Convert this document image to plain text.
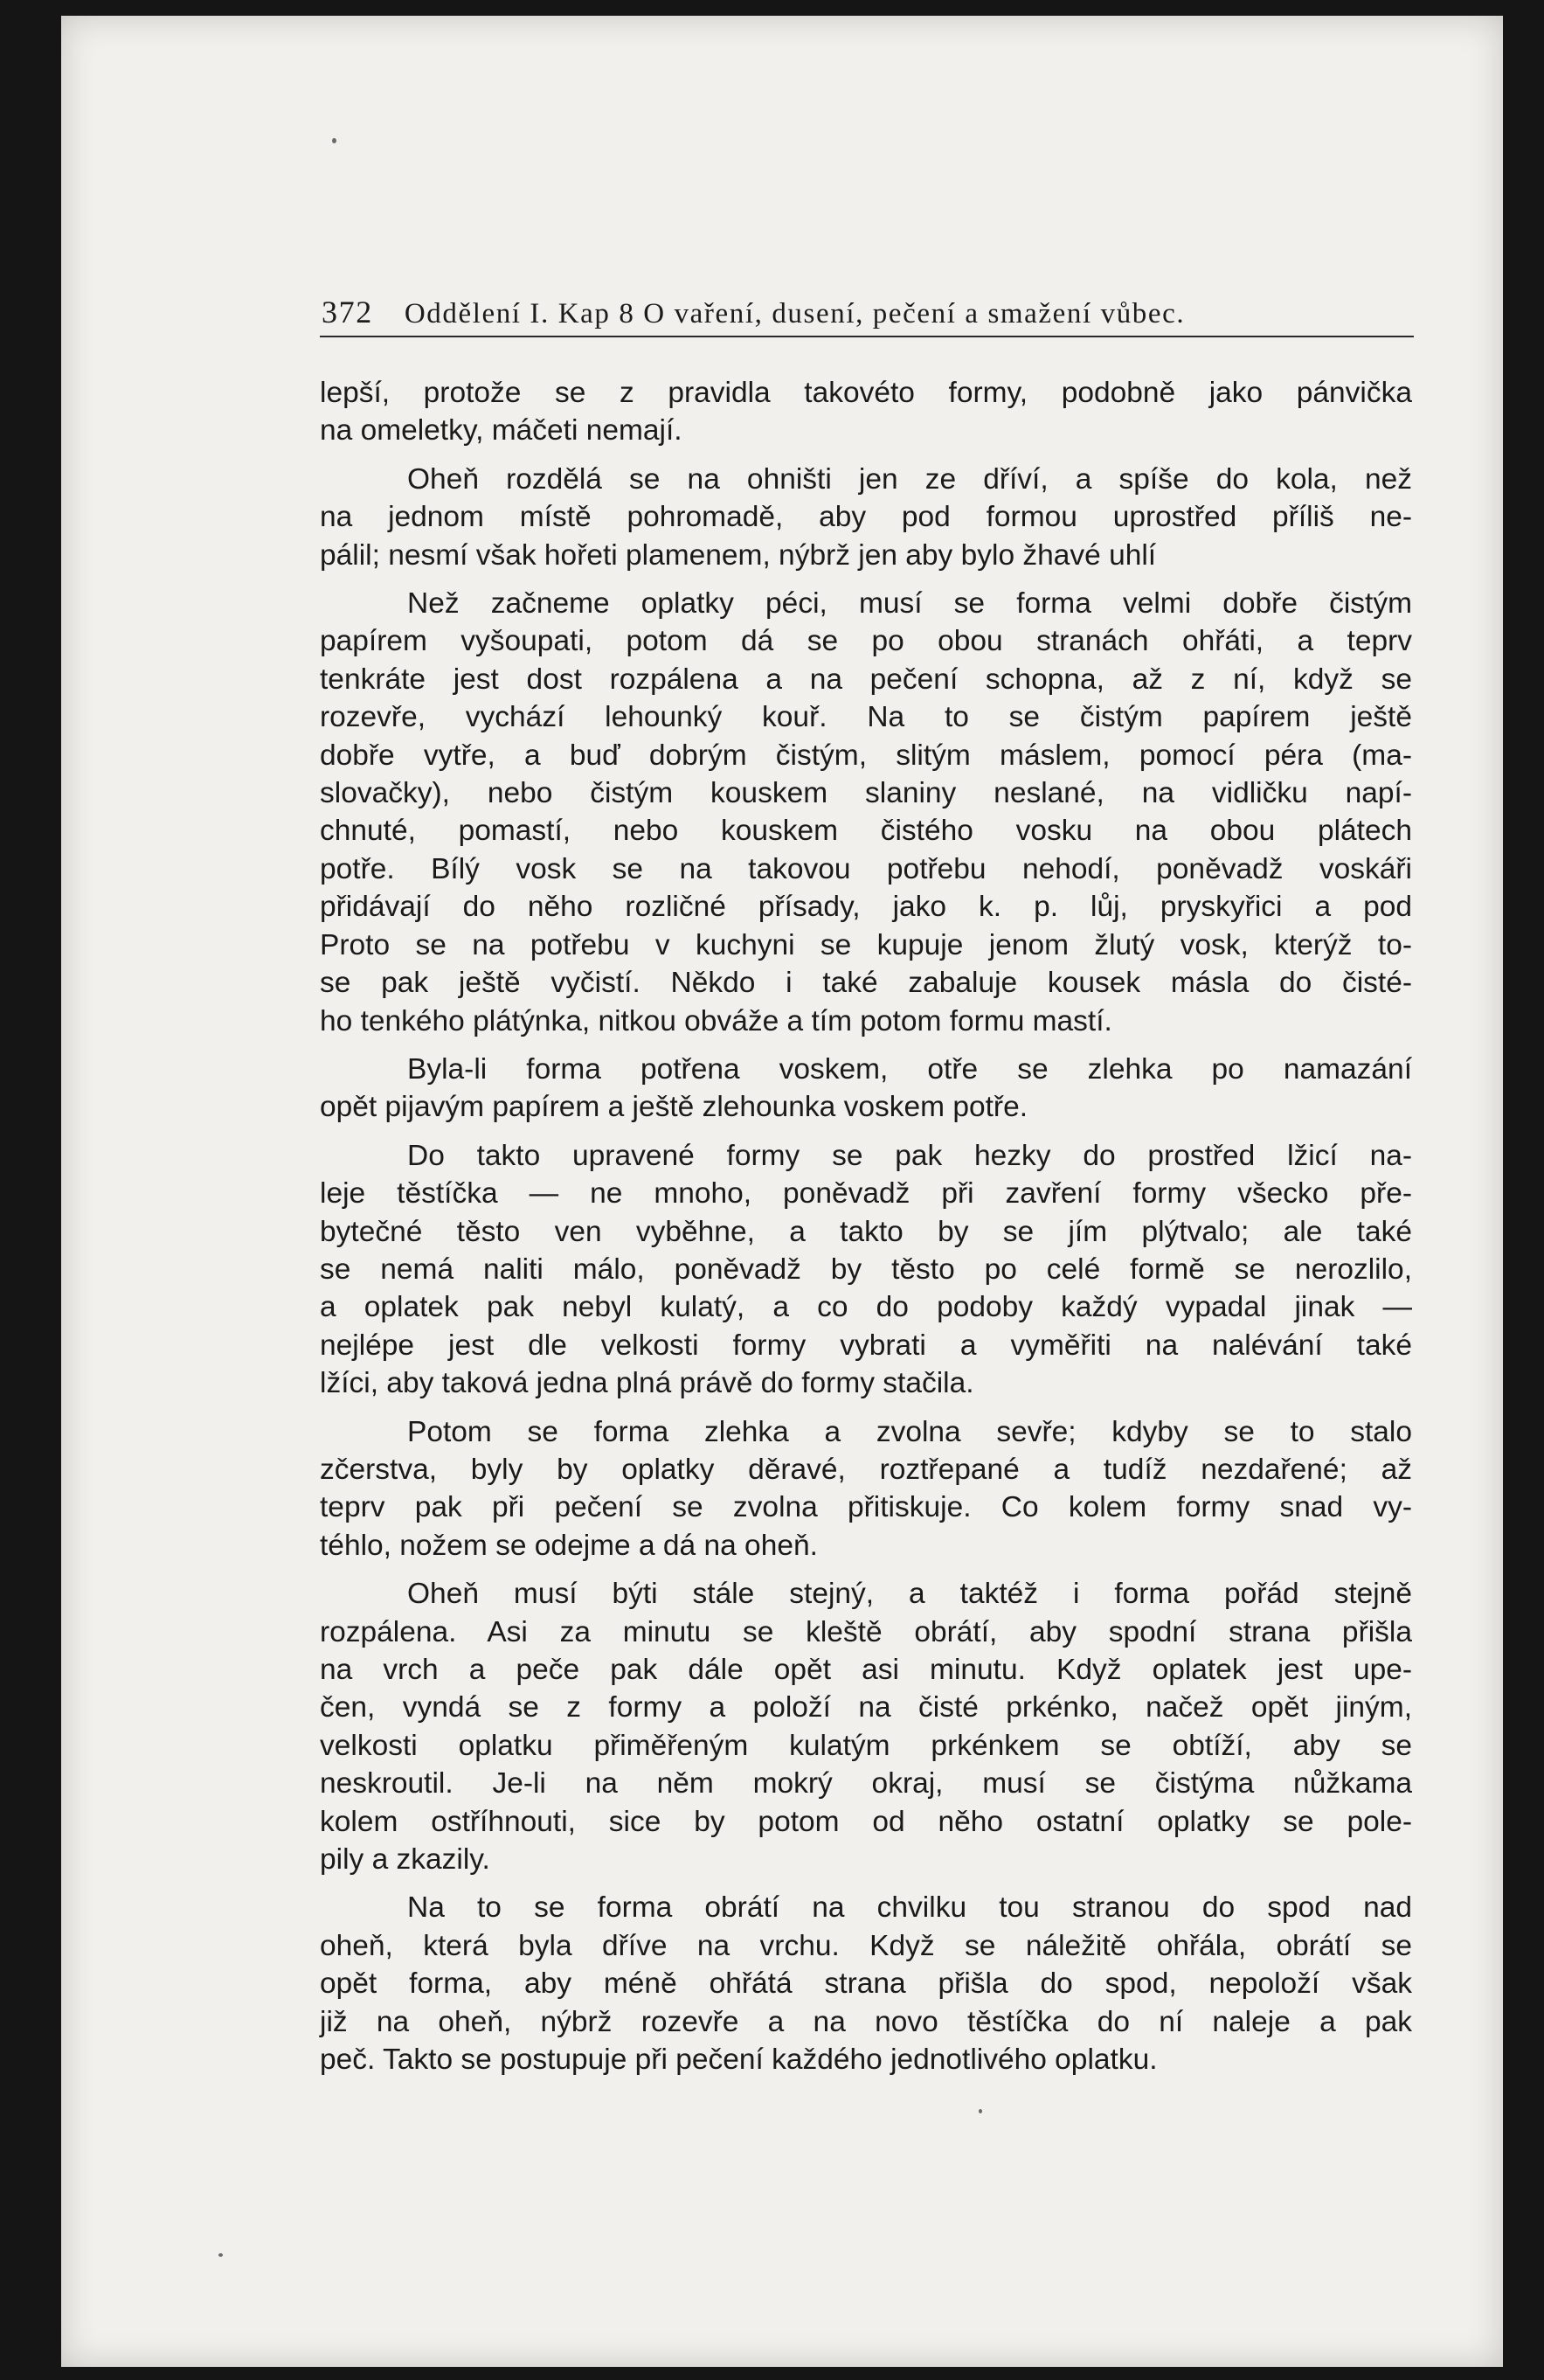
372 Oddělení I. Kap 8 O vaření, dusení, pečení a smažení vůbec.
lepší, protože se z pravidla takovéto formy, podobně jako pánvička
na omeletky, máčeti nemají.
Oheň rozdělá se na ohništi jen ze dříví, a spíše do kola, než
na jednom místě pohromadě, aby pod formou uprostřed příliš ne-
pálil; nesmí však hořeti plamenem, nýbrž jen aby bylo žhavé uhlí
Než začneme oplatky péci, musí se forma velmi dobře čistým
papírem vyšoupati, potom dá se po obou stranách ohřáti, a teprv
tenkráte jest dost rozpálena a na pečení schopna, až z ní, když se
rozevře, vychází lehounký kouř. Na to se čistým papírem ještě
dobře vytře, a buď dobrým čistým, slitým máslem, pomocí péra (ma-
slovačky), nebo čistým kouskem slaniny neslané, na vidličku napí-
chnuté, pomastí, nebo kouskem čistého vosku na obou plátech
potře. Bílý vosk se na takovou potřebu nehodí, poněvadž voskáři
přidávají do něho rozličné přísady, jako k. p. lůj, pryskyřici a pod
Proto se na potřebu v kuchyni se kupuje jenom žlutý vosk, kterýž to-
se pak ještě vyčistí. Někdo i také zabaluje kousek másla do čisté-
ho tenkého plátýnka, nitkou obváže a tím potom formu mastí.
Byla-li forma potřena voskem, otře se zlehka po namazání
opět pijavým papírem a ještě zlehounka voskem potře.
Do takto upravené formy se pak hezky do prostřed lžicí na-
leje těstíčka — ne mnoho, poněvadž při zavření formy všecko pře-
bytečné těsto ven vyběhne, a takto by se jím plýtvalo; ale také
se nemá naliti málo, poněvadž by těsto po celé formě se nerozlilo,
a oplatek pak nebyl kulatý, a co do podoby každý vypadal jinak —
nejlépe jest dle velkosti formy vybrati a vyměřiti na nalévání také
lžíci, aby taková jedna plná právě do formy stačila.
Potom se forma zlehka a zvolna sevře; kdyby se to stalo
zčerstva, byly by oplatky děravé, roztřepané a tudíž nezdařené; až
teprv pak při pečení se zvolna přitiskuje. Co kolem formy snad vy-
téhlo, nožem se odejme a dá na oheň.
Oheň musí býti stále stejný, a taktéž i forma pořád stejně
rozpálena. Asi za minutu se kleště obrátí, aby spodní strana přišla
na vrch a peče pak dále opět asi minutu. Když oplatek jest upe-
čen, vyndá se z formy a položí na čisté prkénko, načež opět jiným,
velkosti oplatku přiměřeným kulatým prkénkem se obtíží, aby se
neskroutil. Je-li na něm mokrý okraj, musí se čistýma nůžkama
kolem ostříhnouti, sice by potom od něho ostatní oplatky se pole-
pily a zkazily.
Na to se forma obrátí na chvilku tou stranou do spod nad
oheň, která byla dříve na vrchu. Když se náležitě ohřála, obrátí se
opět forma, aby méně ohřátá strana přišla do spod, nepoloží však
již na oheň, nýbrž rozevře a na novo těstíčka do ní naleje a pak
peč. Takto se postupuje při pečení každého jednotlivého oplatku.
